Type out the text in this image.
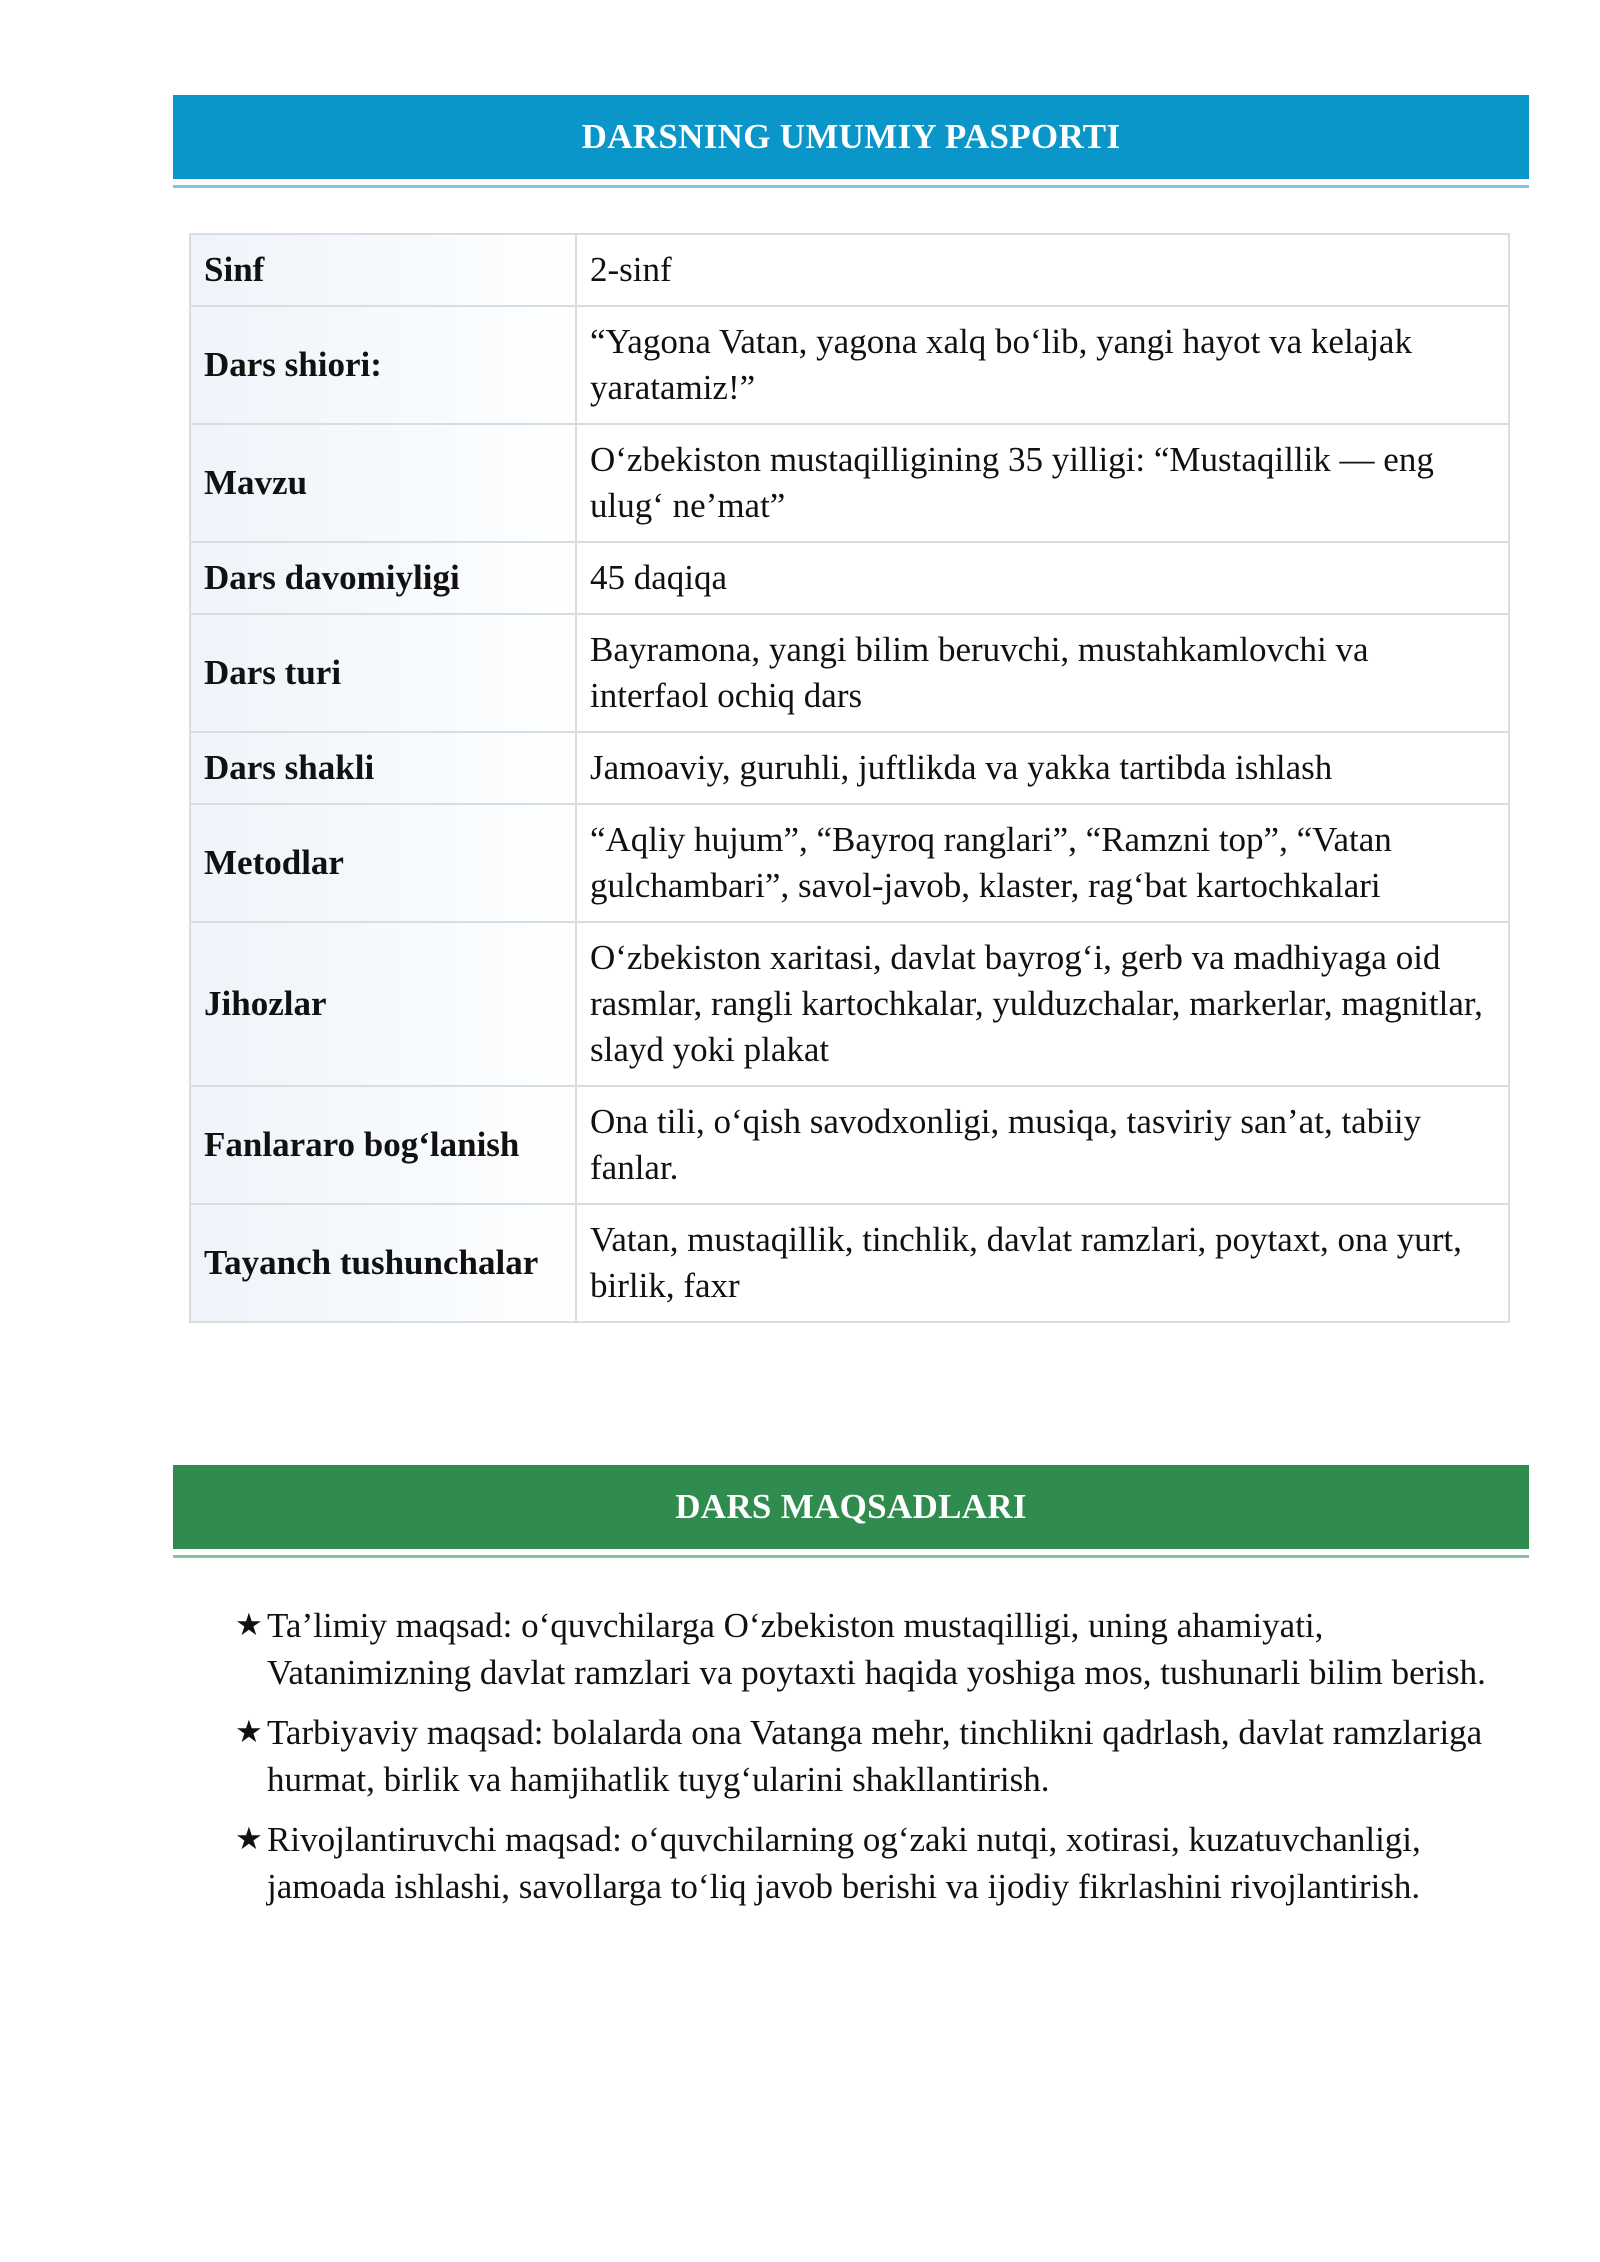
DARSNING UMUMIY PASPORTI
Sinf	2-sinf
Dars shiori:	“Yagona Vatan, yagona xalq bo‘lib, yangi hayot va kelajak yaratamiz!”
Mavzu	O‘zbekiston mustaqilligining 35 yilligi: “Mustaqillik — eng ulug‘ ne’mat”
Dars davomiyligi	45 daqiqa
Dars turi	Bayramona, yangi bilim beruvchi, mustahkamlovchi va interfaol ochiq dars
Dars shakli	Jamoaviy, guruhli, juftlikda va yakka tartibda ishlash
Metodlar	“Aqliy hujum”, “Bayroq ranglari”, “Ramzni top”, “Vatan gulchambari”, savol-javob, klaster, rag‘bat kartochkalari
Jihozlar	O‘zbekiston xaritasi, davlat bayrog‘i, gerb va madhiyaga oid rasmlar, rangli kartochkalar, yulduzchalar, markerlar, magnitlar, slayd yoki plakat
Fanlararo bog‘lanish	Ona tili, o‘qish savodxonligi, musiqa, tasviriy san’at, tabiiy fanlar.
Tayanch tushunchalar	Vatan, mustaqillik, tinchlik, davlat ramzlari, poytaxt, ona yurt, birlik, faxr
DARS MAQSADLARI
★ Ta’limiy maqsad: o‘quvchilarga O‘zbekiston mustaqilligi, uning ahamiyati, Vatanimizning davlat ramzlari va poytaxti haqida yoshiga mos, tushunarli bilim berish.
★ Tarbiyaviy maqsad: bolalarda ona Vatanga mehr, tinchlikni qadrlash, davlat ramzlariga hurmat, birlik va hamjihatlik tuyg‘ularini shakllantirish.
★ Rivojlantiruvchi maqsad: o‘quvchilarning og‘zaki nutqi, xotirasi, kuzatuvchanligi, jamoada ishlashi, savollarga to‘liq javob berishi va ijodiy fikrlashini rivojlantirish.
